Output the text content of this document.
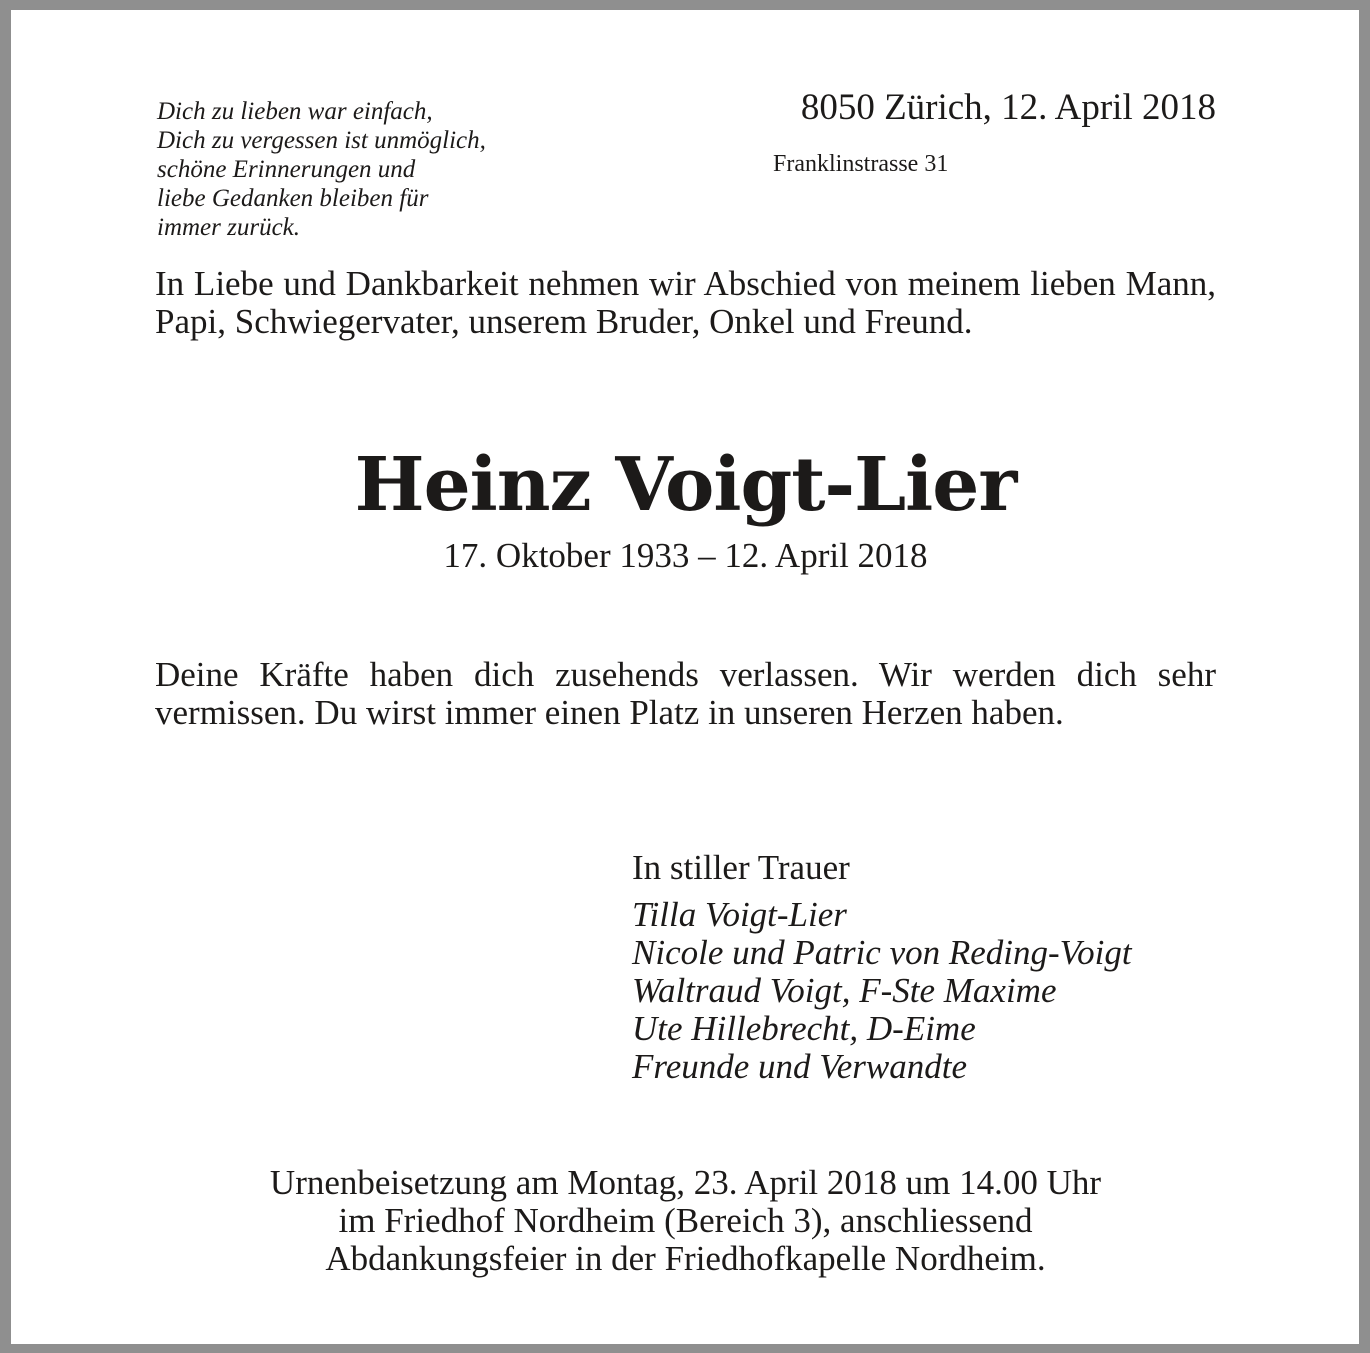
Dich zu lieben war einfach,
Dich zu vergessen ist unmöglich,
schöne Erinnerungen und
liebe Gedanken bleiben für
immer zurück.
8050 Zürich, 12. April 2018
Franklinstrasse 31

In Liebe und Dankbarkeit nehmen wir Abschied von meinem lieben Mann, Papi, Schwiegervater, unserem Bruder, Onkel und Freund.

Heinz Voigt-Lier
17. Oktober 1933 – 12. April 2018

Deine Kräfte haben dich zusehends verlassen. Wir werden dich sehr vermissen. Du wirst immer einen Platz in unseren Herzen haben.

In stiller Trauer
Tilla Voigt-Lier
Nicole und Patric von Reding-Voigt
Waltraud Voigt, F-Ste Maxime
Ute Hillebrecht, D-Eime
Freunde und Verwandte
Urnenbeisetzung am Montag, 23. April 2018 um 14.00 Uhr
im Friedhof Nordheim (Bereich 3), anschliessend
Abdankungsfeier in der Friedhofkapelle Nordheim.
